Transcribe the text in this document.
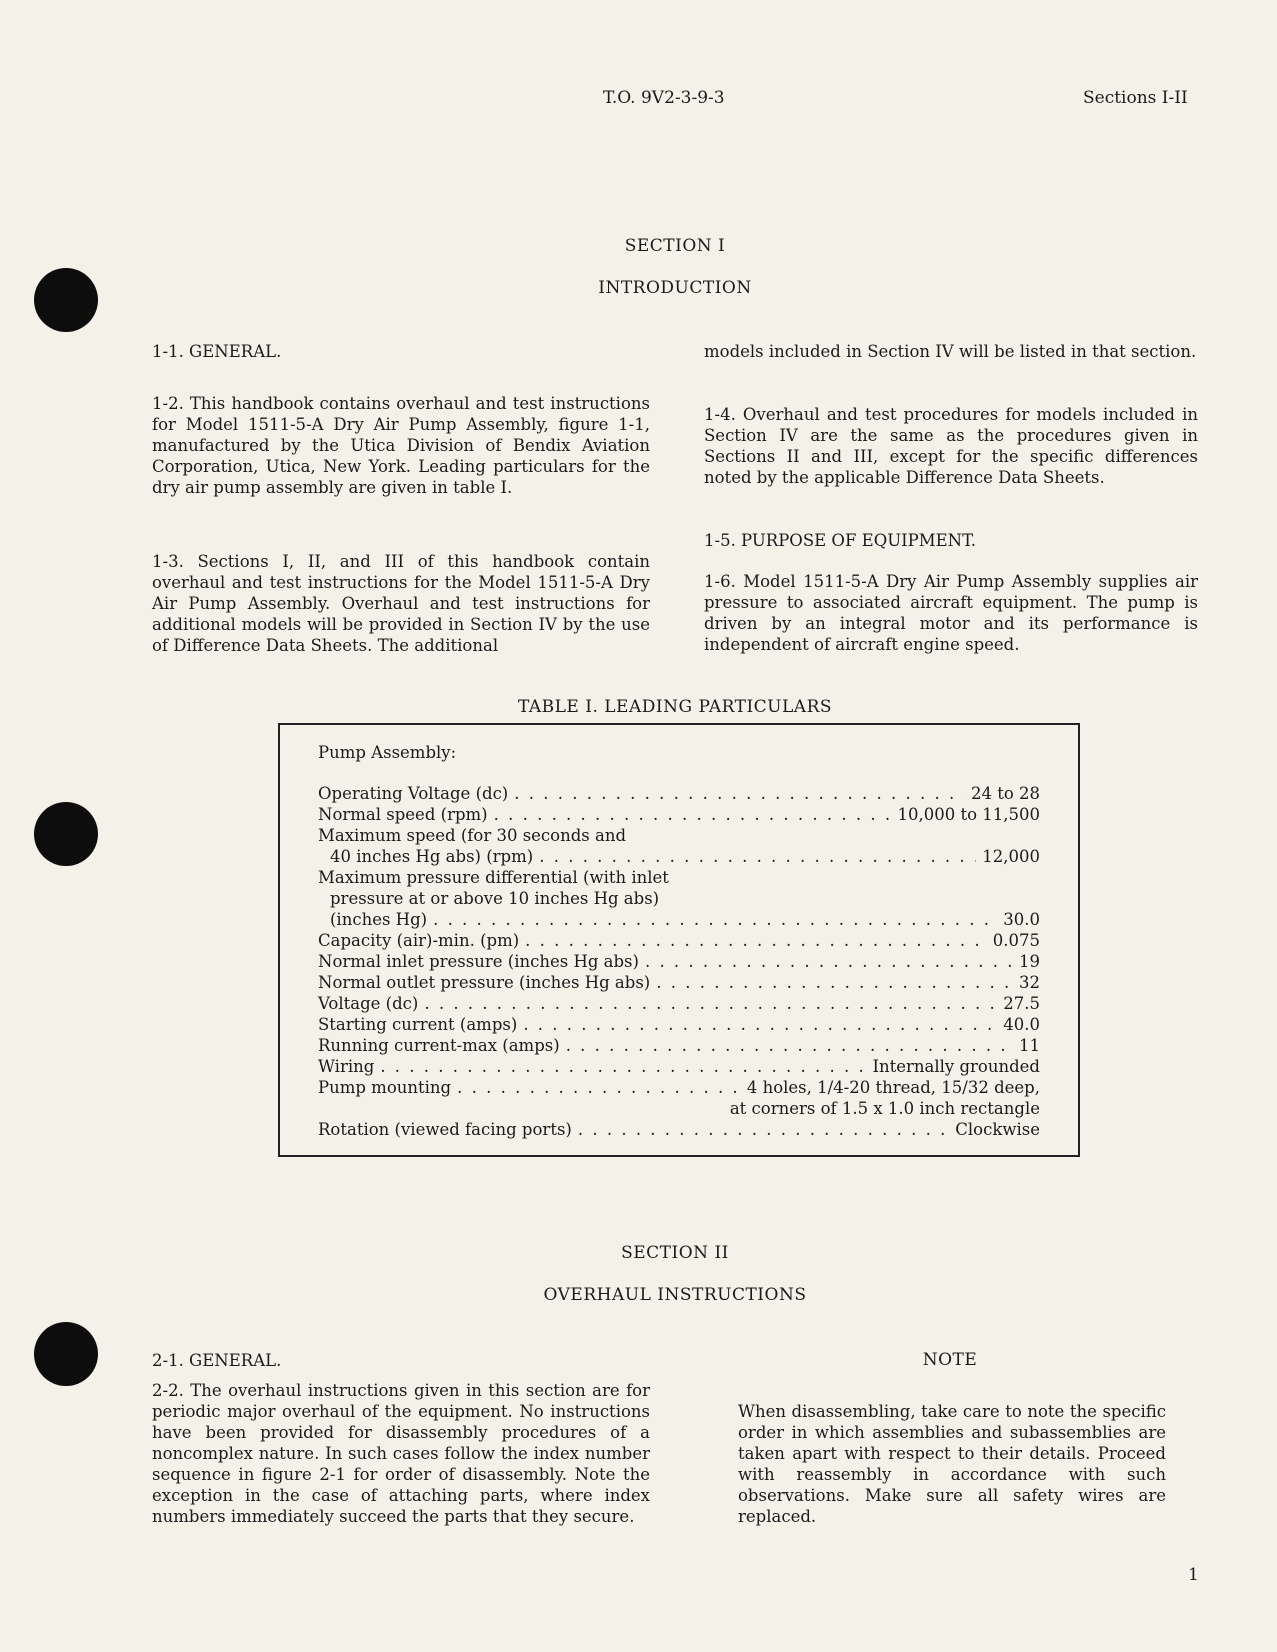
T.O. 9V2-3-9-3	Sections I-II
SECTION I
INTRODUCTION

1-1. GENERAL.

1-2. This handbook contains overhaul and test instructions for Model 1511-5-A Dry Air Pump Assembly, figure 1-1, manufactured by the Utica Division of Bendix Aviation Corporation, Utica, New York. Leading particulars for the dry air pump assembly are given in table I.

1-3. Sections I, II, and III of this handbook contain overhaul and test instructions for the Model 1511-5-A Dry Air Pump Assembly. Overhaul and test instructions for additional models will be provided in Section IV by the use of Difference Data Sheets. The additional

models included in Section IV will be listed in that section.

1-4. Overhaul and test procedures for models included in Section IV are the same as the procedures given in Sections II and III, except for the specific differences noted by the applicable Difference Data Sheets.

1-5. PURPOSE OF EQUIPMENT.

1-6. Model 1511-5-A Dry Air Pump Assembly supplies air pressure to associated aircraft equipment. The pump is driven by an integral motor and its performance is independent of aircraft engine speed.

TABLE I. LEADING PARTICULARS
Pump Assembly:
Operating Voltage (dc) . . .	24 to 28
Normal speed (rpm) . . .	10,000 to 11,500
Maximum speed (for 30 seconds and
40 inches Hg abs) (rpm) . . .	12,000
Maximum pressure differential (with inlet
pressure at or above 10 inches Hg abs)
(inches Hg) . . .	30.0
Capacity (air)-min. (pm) . . .	0.075
Normal inlet pressure (inches Hg abs) . . .	19
Normal outlet pressure (inches Hg abs) . . .	32
Voltage (dc) . . .	27.5
Starting current (amps) . . .	40.0
Running current-max (amps) . . .	11
Wiring . . .	Internally grounded
Pump mounting . . .	4 holes, 1/4-20 thread, 15/32 deep,
at corners of 1.5 x 1.0 inch rectangle
Rotation (viewed facing ports) . . .	Clockwise
SECTION II
OVERHAUL INSTRUCTIONS

2-1. GENERAL.

2-2. The overhaul instructions given in this section are for periodic major overhaul of the equipment. No instructions have been provided for disassembly procedures of a noncomplex nature. In such cases follow the index number sequence in figure 2-1 for order of disassembly. Note the exception in the case of attaching parts, where index numbers immediately succeed the parts that they secure.

NOTE

When disassembling, take care to note the specific order in which assemblies and subassemblies are taken apart with respect to their details. Proceed with reassembly in accordance with such observations. Make sure all safety wires are replaced.

1
